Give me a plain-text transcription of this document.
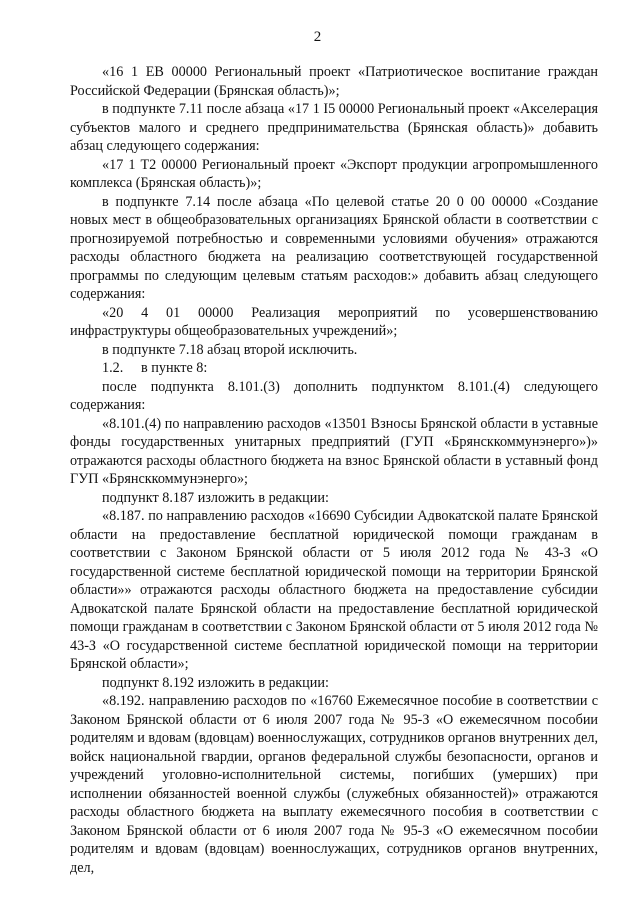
2

«16 1 ЕВ 00000 Региональный проект «Патриотическое воспитание граждан Российской Федерации (Брянская область)»;

в подпункте 7.11 после абзаца «17 1 I5 00000 Региональный проект «Акселерация субъектов малого и среднего предпринимательства (Брянская область)» добавить абзац следующего содержания:

«17 1 Т2 00000 Региональный проект «Экспорт продукции агропромышленного комплекса (Брянская область)»;

в подпункте 7.14 после абзаца «По целевой статье 20 0 00 00000 «Создание новых мест в общеобразовательных организациях Брянской области в соответствии с прогнозируемой потребностью и современными условиями обучения» отражаются расходы областного бюджета на реализацию соответствующей государственной программы по следующим целевым статьям расходов:» добавить абзац следующего содержания:

«20 4 01 00000 Реализация мероприятий по усовершенствованию инфраструктуры общеобразовательных учреждений»;

в подпункте 7.18 абзац второй исключить.

1.2.     в пункте 8:

после подпункта 8.101.(3) дополнить подпунктом 8.101.(4) следующего содержания:

«8.101.(4) по направлению расходов «13501 Взносы Брянской области в уставные фонды государственных унитарных предприятий (ГУП «Брянсккоммунэнерго»)» отражаются расходы областного бюджета на взнос Брянской области в уставный фонд ГУП «Брянсккоммунэнерго»;

подпункт 8.187 изложить в редакции:

«8.187. по направлению расходов «16690 Субсидии Адвокатской палате Брянской области на предоставление бесплатной юридической помощи гражданам в соответствии с Законом Брянской области от 5 июля 2012 года № 43-З «О государственной системе бесплатной юридической помощи на территории Брянской области»» отражаются расходы областного бюджета на предоставление субсидии Адвокатской палате Брянской области на предоставление бесплатной юридической помощи гражданам в соответствии с Законом Брянской области от 5 июля 2012 года № 43-З «О государственной системе бесплатной юридической помощи на территории Брянской области»;

подпункт 8.192 изложить в редакции:

«8.192. направлению расходов по «16760 Ежемесячное пособие в соответствии с Законом Брянской области от 6 июля 2007 года № 95-З «О ежемесячном пособии родителям и вдовам (вдовцам) военнослужащих, сотрудников органов внутренних дел, войск национальной гвардии, органов федеральной службы безопасности, органов и учреждений уголовно-исполнительной системы, погибших (умерших) при исполнении обязанностей военной службы (служебных обязанностей)» отражаются расходы областного бюджета на выплату ежемесячного пособия в соответствии с Законом Брянской области от 6 июля 2007 года № 95-З «О ежемесячном пособии родителям и вдовам (вдовцам) военнослужащих, сотрудников органов внутренних, дел,
